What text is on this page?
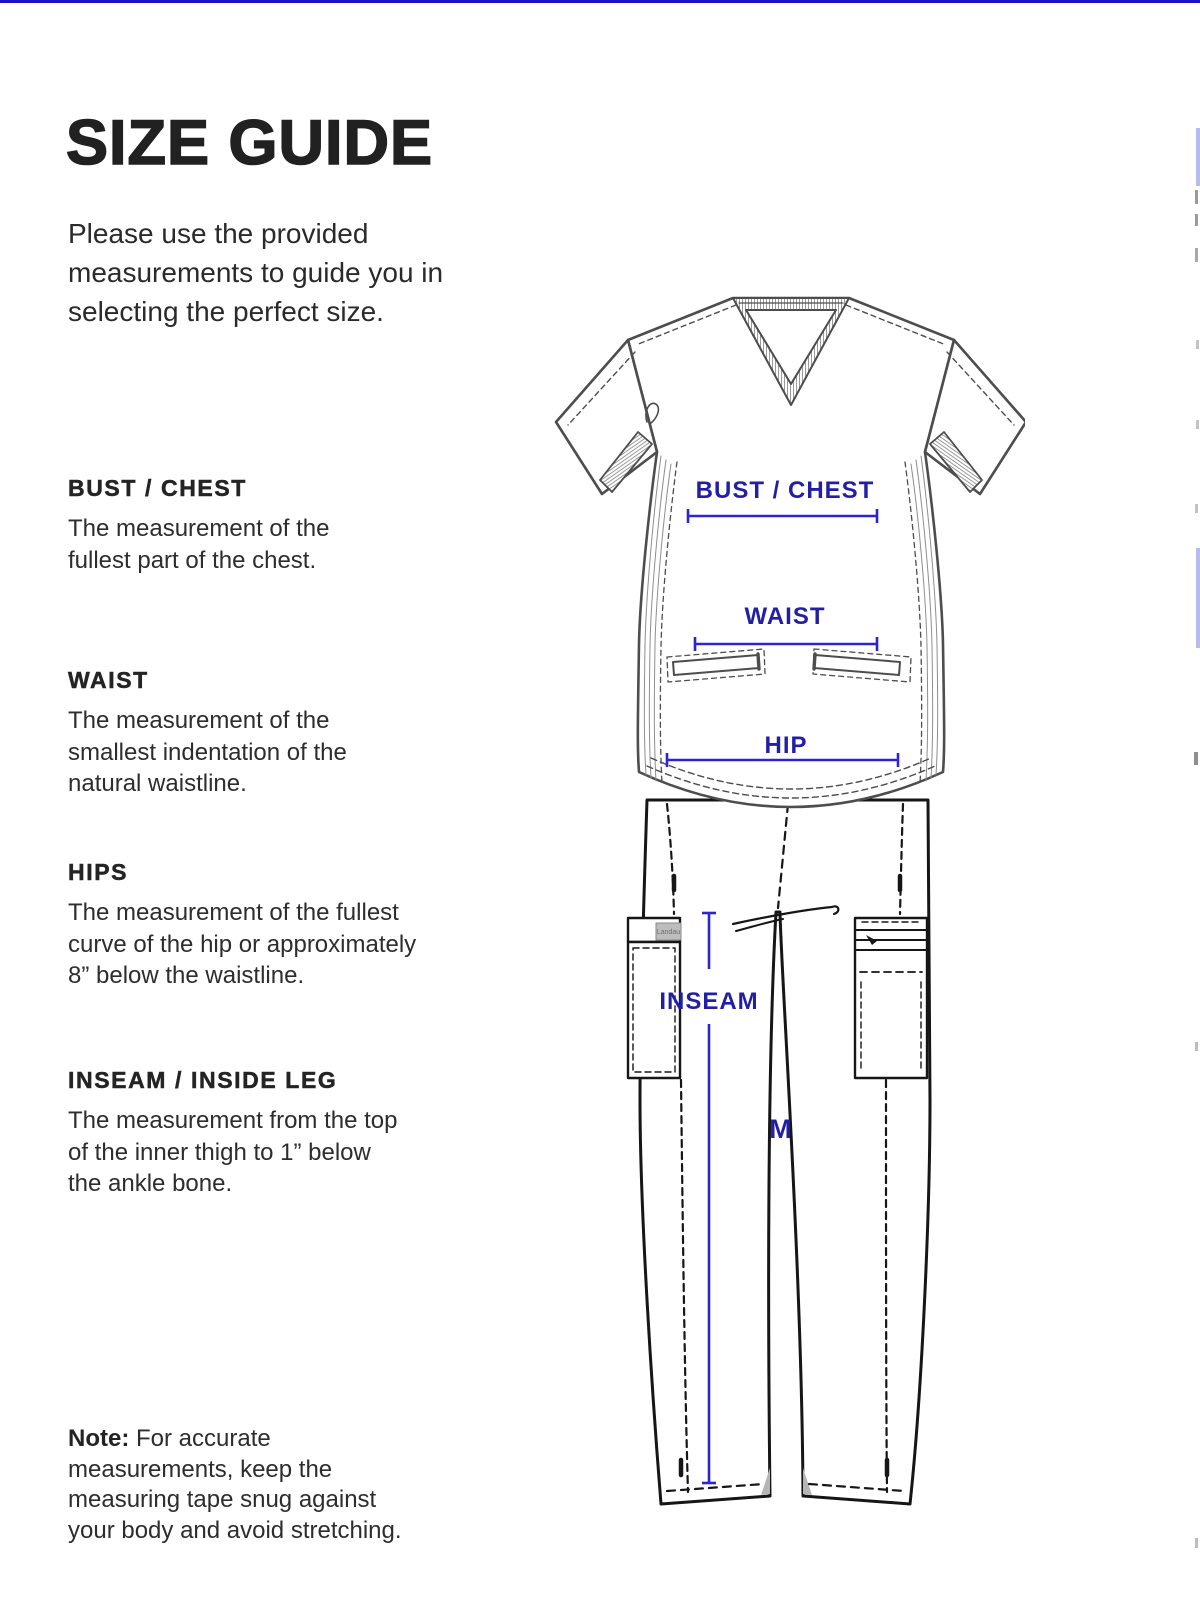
SIZE GUIDE

Please use the provided
measurements to guide you in
selecting the perfect size.

BUST / CHEST

The measurement of the
fullest part of the chest.

WAIST

The measurement of the
smallest indentation of the
natural waistline.

HIPS

The measurement of the fullest
curve of the hip or approximately
8” below the waistline.

INSEAM / INSIDE LEG

The measurement from the top
of the inner thigh to 1” below
the ankle bone.

Note: For accurate
measurements, keep the
measuring tape snug against
your body and avoid stretching.

BUST / CHEST
WAIST
HIP
INSEAM
M
Landau
